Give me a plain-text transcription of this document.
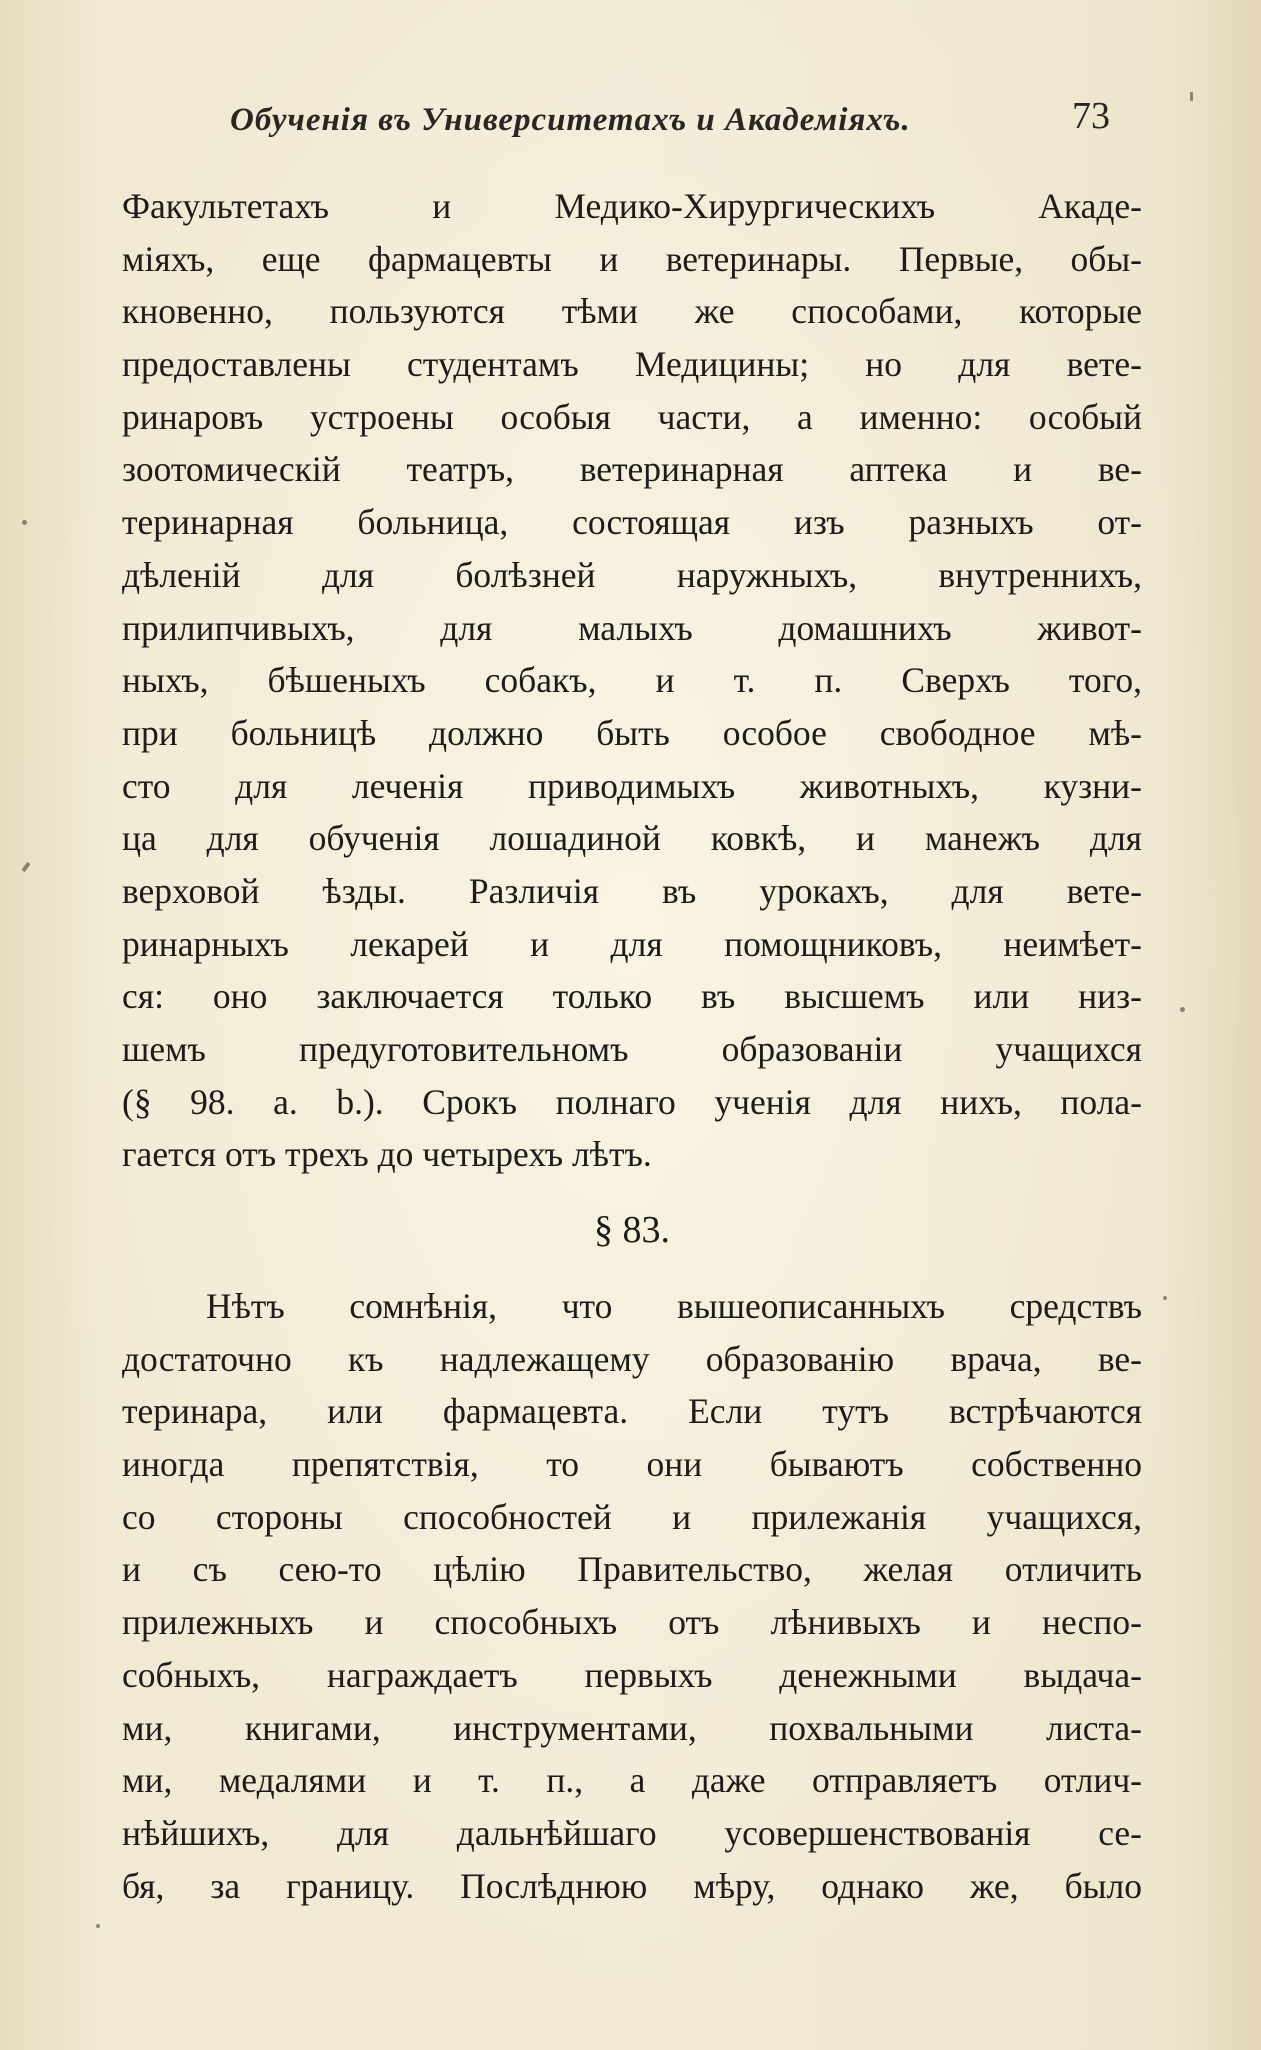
Обученія въ Университетахъ и Академіяхъ.	73
Факультетахъ и Медико-Хирургическихъ Акаде-
міяхъ, еще фармацевты и ветеринары. Первые, обы-
кновенно, пользуются тѣми же способами, которые
предоставлены студентамъ Медицины; но для вете-
ринаровъ устроены особыя части, а именно: особый
зоотомическій театръ, ветеринарная аптека и ве-
теринарная больница, состоящая изъ разныхъ от-
дѣленій для болѣзней наружныхъ, внутреннихъ,
прилипчивыхъ, для малыхъ домашнихъ живот-
ныхъ, бѣшеныхъ собакъ, и т. п. Сверхъ того,
при больницѣ должно быть особое свободное мѣ-
сто для леченія приводимыхъ животныхъ, кузни-
ца для обученія лошадиной ковкѣ, и манежъ для
верховой ѣзды. Различія въ урокахъ, для вете-
ринарныхъ лекарей и для помощниковъ, неимѣет-
ся: оно заключается только въ высшемъ или низ-
шемъ предуготовительномъ образованіи учащихся
(§ 98. a. b.). Срокъ полнаго ученія для нихъ, пола-
гается отъ трехъ до четырехъ лѣтъ.
§ 83.
Нѣтъ сомнѣнія, что вышеописанныхъ средствъ
достаточно къ надлежащему образованію врача, ве-
теринара, или фармацевта. Если тутъ встрѣчаются
иногда препятствія, то они бываютъ собственно
со стороны способностей и прилежанія учащихся,
и съ сею-то цѣлію Правительство, желая отличить
прилежныхъ и способныхъ отъ лѣнивыхъ и неспо-
собныхъ, награждаетъ первыхъ денежными выдача-
ми, книгами, инструментами, похвальными листа-
ми, медалями и т. п., а даже отправляетъ отлич-
нѣйшихъ, для дальнѣйшаго усовершенствованія се-
бя, за границу. Послѣднюю мѣру, однако же, было
